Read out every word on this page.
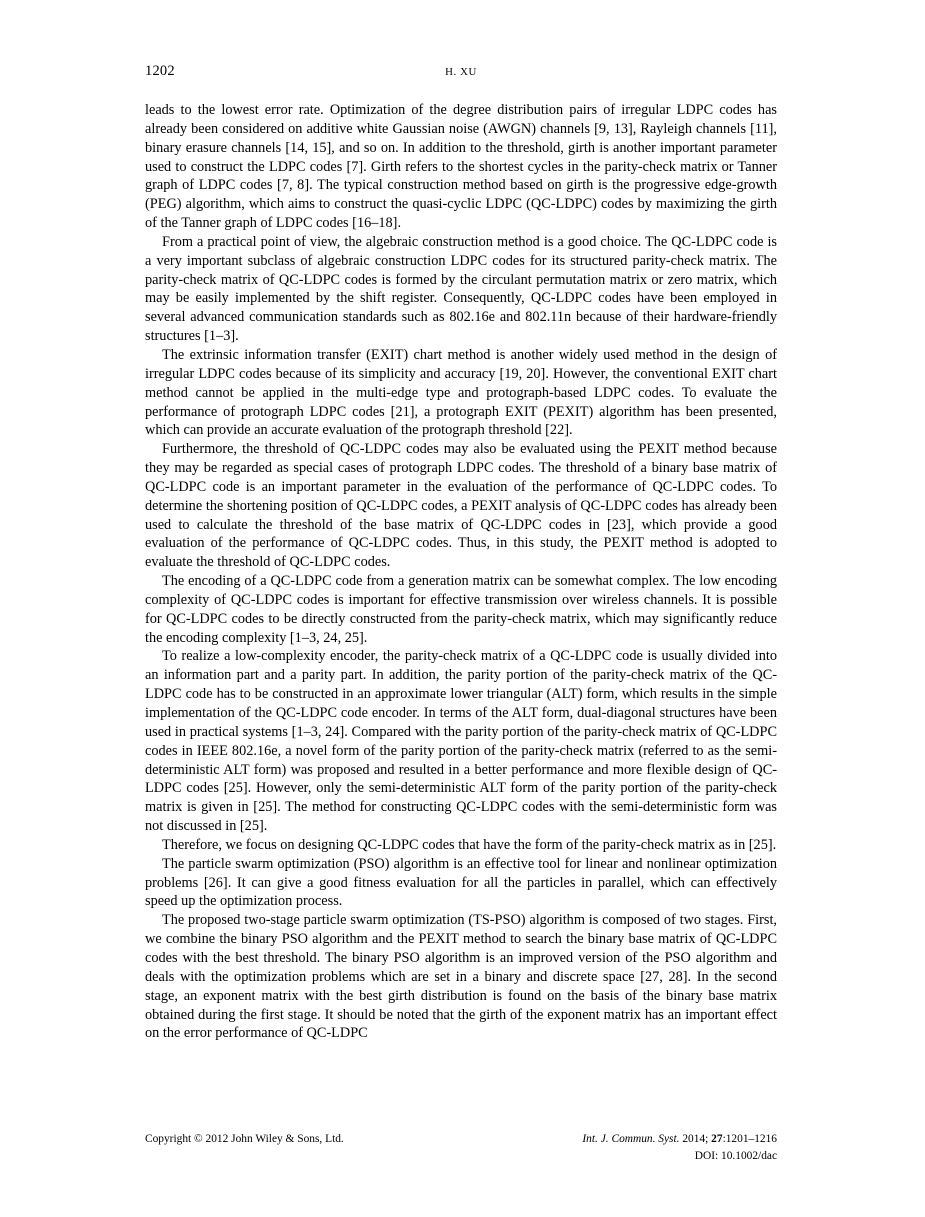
1202	H. XU

leads to the lowest error rate. Optimization of the degree distribution pairs of irregular LDPC codes has already been considered on additive white Gaussian noise (AWGN) channels [9, 13], Rayleigh channels [11], binary erasure channels [14, 15], and so on. In addition to the threshold, girth is another important parameter used to construct the LDPC codes [7]. Girth refers to the shortest cycles in the parity-check matrix or Tanner graph of LDPC codes [7, 8]. The typical construction method based on girth is the progressive edge-growth (PEG) algorithm, which aims to construct the quasi-cyclic LDPC (QC-LDPC) codes by maximizing the girth of the Tanner graph of LDPC codes [16–18].

From a practical point of view, the algebraic construction method is a good choice. The QC-LDPC code is a very important subclass of algebraic construction LDPC codes for its structured parity-check matrix. The parity-check matrix of QC-LDPC codes is formed by the circulant permutation matrix or zero matrix, which may be easily implemented by the shift register. Consequently, QC-LDPC codes have been employed in several advanced communication standards such as 802.16e and 802.11n because of their hardware-friendly structures [1–3].

The extrinsic information transfer (EXIT) chart method is another widely used method in the design of irregular LDPC codes because of its simplicity and accuracy [19, 20]. However, the conventional EXIT chart method cannot be applied in the multi-edge type and protograph-based LDPC codes. To evaluate the performance of protograph LDPC codes [21], a protograph EXIT (PEXIT) algorithm has been presented, which can provide an accurate evaluation of the protograph threshold [22].

Furthermore, the threshold of QC-LDPC codes may also be evaluated using the PEXIT method because they may be regarded as special cases of protograph LDPC codes. The threshold of a binary base matrix of QC-LDPC code is an important parameter in the evaluation of the performance of QC-LDPC codes. To determine the shortening position of QC-LDPC codes, a PEXIT analysis of QC-LDPC codes has already been used to calculate the threshold of the base matrix of QC-LDPC codes in [23], which provide a good evaluation of the performance of QC-LDPC codes. Thus, in this study, the PEXIT method is adopted to evaluate the threshold of QC-LDPC codes.

The encoding of a QC-LDPC code from a generation matrix can be somewhat complex. The low encoding complexity of QC-LDPC codes is important for effective transmission over wireless channels. It is possible for QC-LDPC codes to be directly constructed from the parity-check matrix, which may significantly reduce the encoding complexity [1–3, 24, 25].

To realize a low-complexity encoder, the parity-check matrix of a QC-LDPC code is usually divided into an information part and a parity part. In addition, the parity portion of the parity-check matrix of the QC-LDPC code has to be constructed in an approximate lower triangular (ALT) form, which results in the simple implementation of the QC-LDPC code encoder. In terms of the ALT form, dual-diagonal structures have been used in practical systems [1–3, 24]. Compared with the parity portion of the parity-check matrix of QC-LDPC codes in IEEE 802.16e, a novel form of the parity portion of the parity-check matrix (referred to as the semi-deterministic ALT form) was proposed and resulted in a better performance and more flexible design of QC-LDPC codes [25]. However, only the semi-deterministic ALT form of the parity portion of the parity-check matrix is given in [25]. The method for constructing QC-LDPC codes with the semi-deterministic form was not discussed in [25].

Therefore, we focus on designing QC-LDPC codes that have the form of the parity-check matrix as in [25].

The particle swarm optimization (PSO) algorithm is an effective tool for linear and nonlinear optimization problems [26]. It can give a good fitness evaluation for all the particles in parallel, which can effectively speed up the optimization process.

The proposed two-stage particle swarm optimization (TS-PSO) algorithm is composed of two stages. First, we combine the binary PSO algorithm and the PEXIT method to search the binary base matrix of QC-LDPC codes with the best threshold. The binary PSO algorithm is an improved version of the PSO algorithm and deals with the optimization problems which are set in a binary and discrete space [27, 28]. In the second stage, an exponent matrix with the best girth distribution is found on the basis of the binary base matrix obtained during the first stage. It should be noted that the girth of the exponent matrix has an important effect on the error performance of QC-LDPC

Copyright © 2012 John Wiley & Sons, Ltd.	Int. J. Commun. Syst. 2014; 27:1201–1216
DOI: 10.1002/dac
